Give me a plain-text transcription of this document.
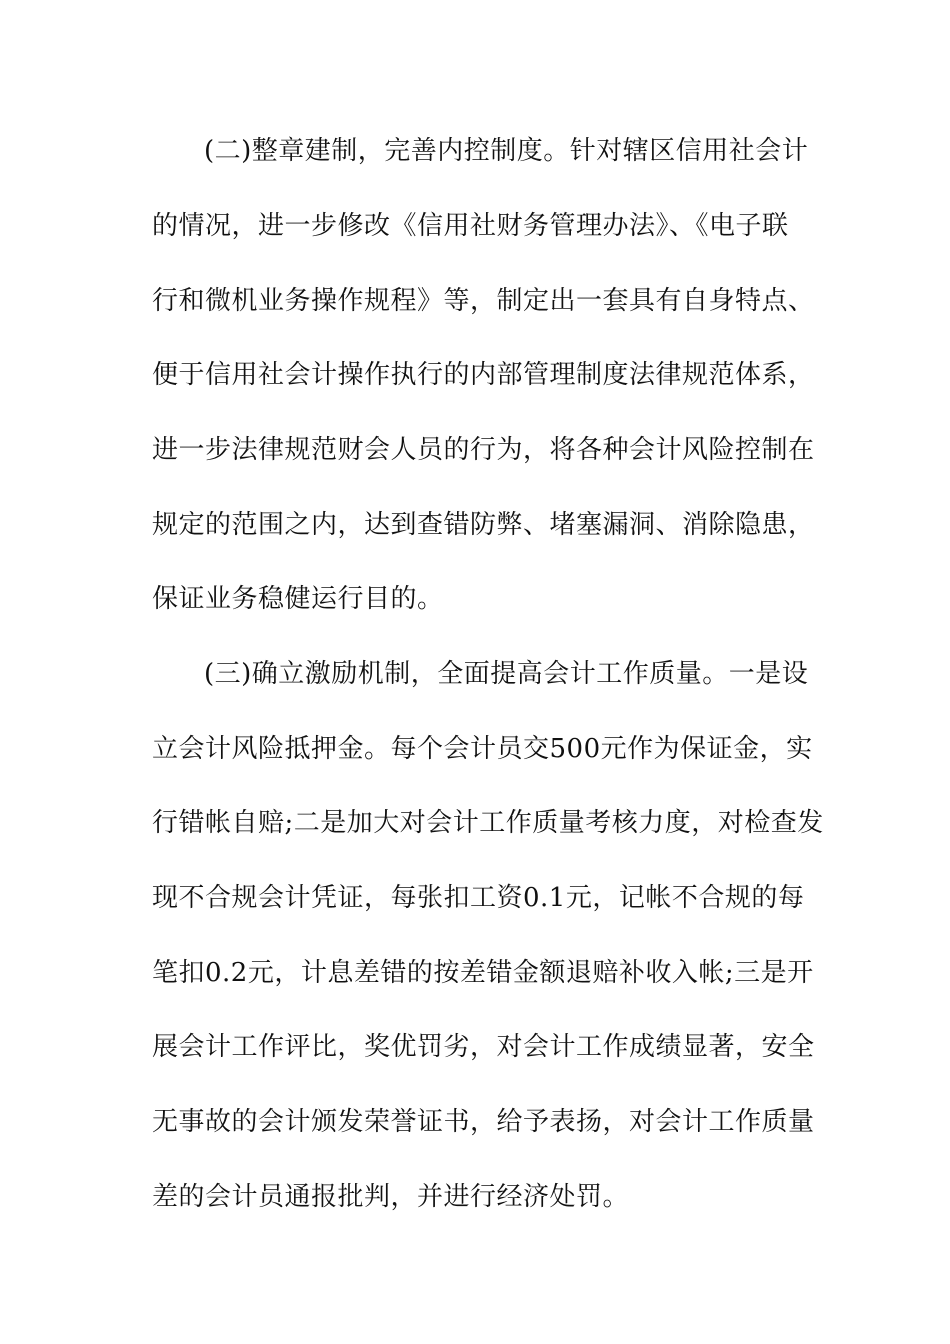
(二)整章建制，完善内控制度。针对辖区信用社会计
的情况，进一步修改《信用社财务管理办法》、《电子联
行和微机业务操作规程》等，制定出一套具有自身特点、
便于信用社会计操作执行的内部管理制度法律规范体系，
进一步法律规范财会人员的行为，将各种会计风险控制在
规定的范围之内，达到查错防弊、堵塞漏洞、消除隐患，
保证业务稳健运行目的。
(三)确立激励机制，全面提高会计工作质量。一是设
立会计风险抵押金。每个会计员交500元作为保证金，实
行错帐自赔;二是加大对会计工作质量考核力度，对检查发
现不合规会计凭证，每张扣工资0.1元，记帐不合规的每
笔扣0.2元，计息差错的按差错金额退赔补收入帐;三是开
展会计工作评比，奖优罚劣，对会计工作成绩显著，安全
无事故的会计颁发荣誉证书，给予表扬，对会计工作质量
差的会计员通报批判，并进行经济处罚。
